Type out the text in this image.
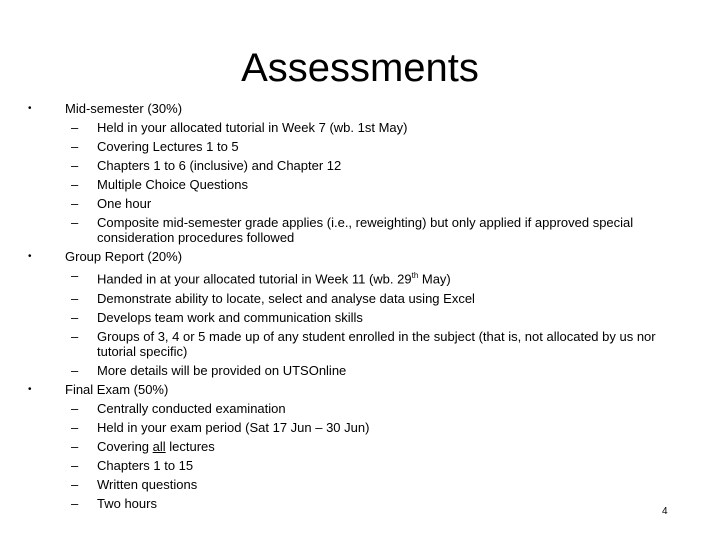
Assessments
•	Mid-semester (30%)
– Held in your allocated tutorial in Week 7 (wb. 1st May)
– Covering Lectures 1 to 5
– Chapters 1 to 6 (inclusive) and Chapter 12
– Multiple Choice Questions
– One hour
– Composite mid-semester grade applies (i.e., reweighting) but only applied if approved special consideration procedures followed
•	Group Report (20%)
– Handed in at your allocated tutorial in Week 11 (wb. 29th May)
– Demonstrate ability to locate, select and analyse data using Excel
– Develops team work and communication skills
– Groups of 3, 4 or 5 made up of any student enrolled in the subject (that is, not allocated by us nor tutorial specific)
– More details will be provided on UTSOnline
•	Final Exam (50%)
– Centrally conducted examination
– Held in your exam period (Sat 17 Jun – 30 Jun)
– Covering all lectures
– Chapters 1 to 15
– Written questions
– Two hours
4
